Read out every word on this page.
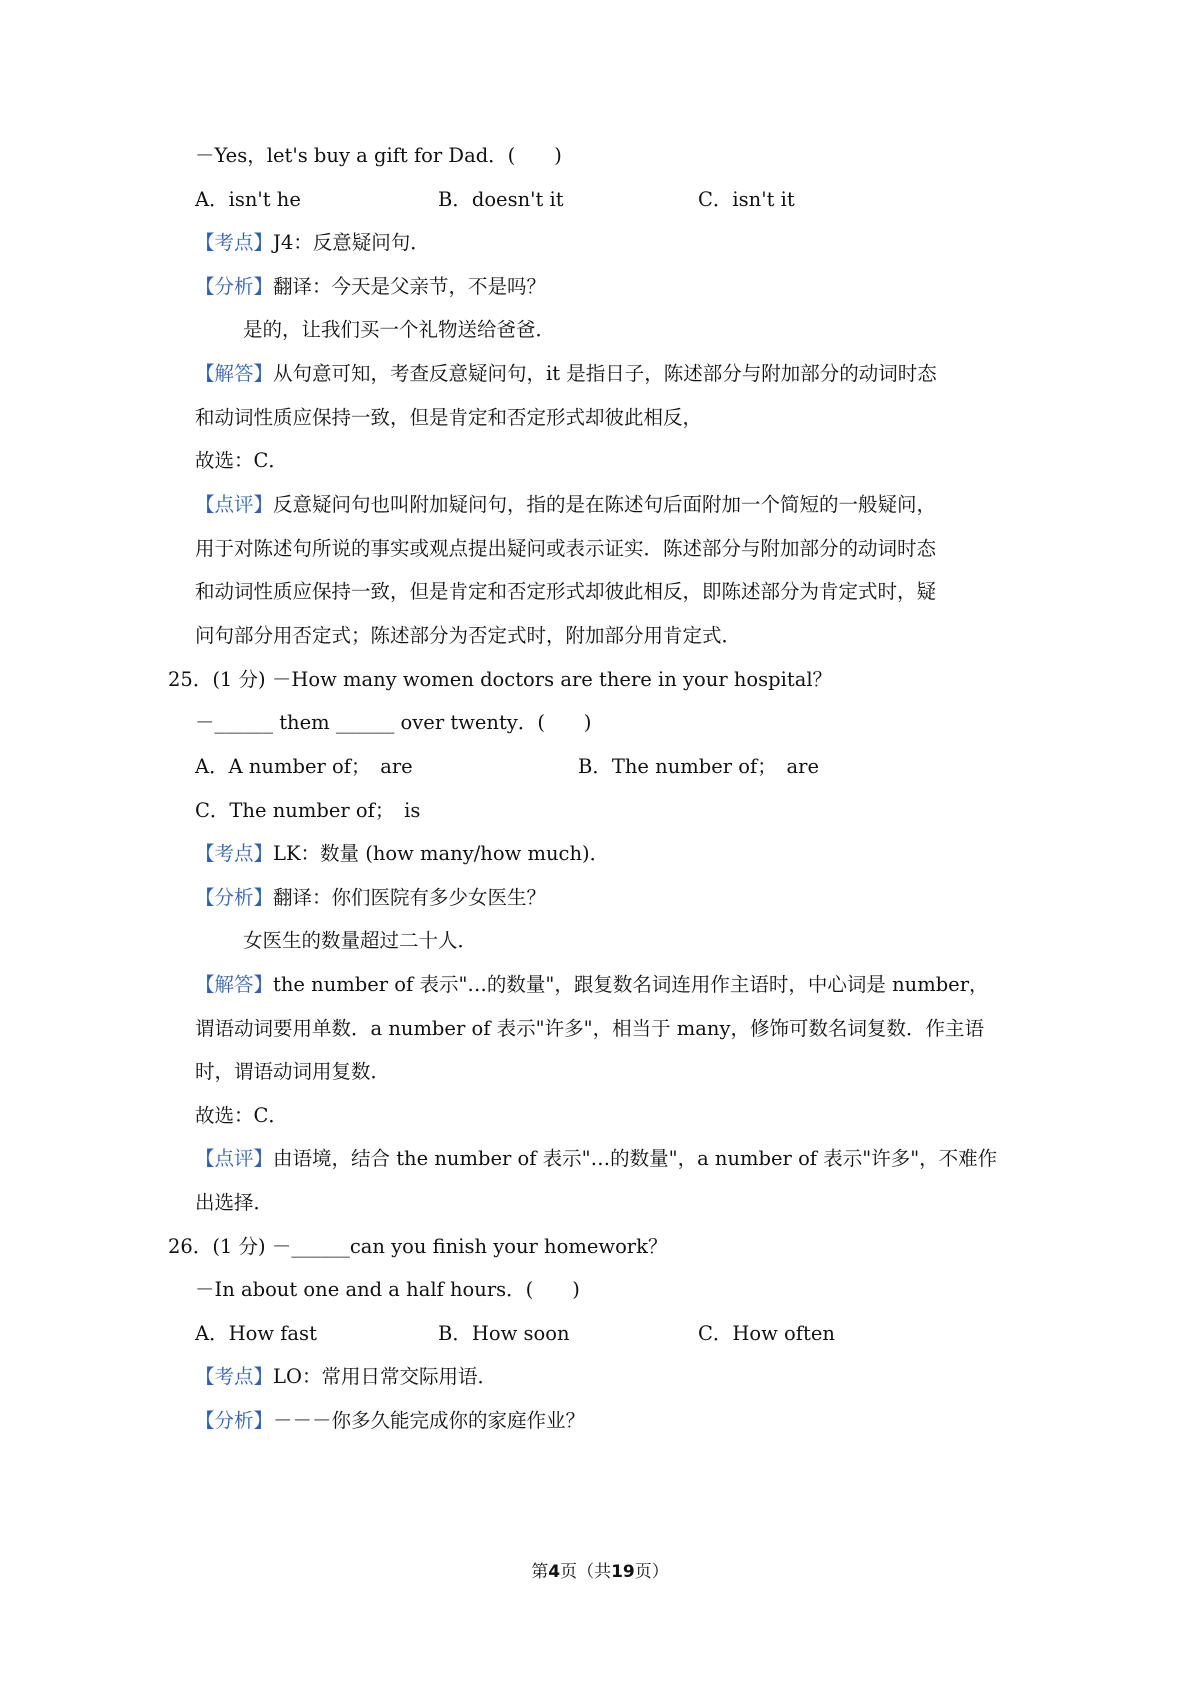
－Yes，let's buy a gift for Dad．(　　)
A．isn't he	B．doesn't it	C．isn't it
【考点】J4：反意疑问句．
【分析】翻译：今天是父亲节，不是吗？
是的，让我们买一个礼物送给爸爸．
【解答】从句意可知，考查反意疑问句，it 是指日子，陈述部分与附加部分的动词时态
和动词性质应保持一致，但是肯定和否定形式却彼此相反，
故选：C．
【点评】反意疑问句也叫附加疑问句，指的是在陈述句后面附加一个简短的一般疑问，
用于对陈述句所说的事实或观点提出疑问或表示证实．陈述部分与附加部分的动词时态
和动词性质应保持一致，但是肯定和否定形式却彼此相反，即陈述部分为肯定式时，疑
问句部分用否定式；陈述部分为否定式时，附加部分用肯定式．
25．(1 分) －How many women doctors are there in your hospital？
－______ them ______ over twenty．(　　)
A．A number of；　are	B．The number of；　are
C．The number of；　is
【考点】LK：数量 (how many/how much)．
【分析】翻译：你们医院有多少女医生？
女医生的数量超过二十人．
【解答】the number of 表示"…的数量"，跟复数名词连用作主语时，中心词是 number，
谓语动词要用单数．a number of 表示"许多"，相当于 many，修饰可数名词复数．作主语
时，谓语动词用复数．
故选：C．
【点评】由语境，结合 the number of 表示"…的数量"，a number of 表示"许多"，不难作
出选择．
26．(1 分) －______can you finish your homework？
－In about one and a half hours．(　　)
A．How fast	B．How soon	C．How often
【考点】LO：常用日常交际用语．
【分析】－－－你多久能完成你的家庭作业？
第4页（共19页）
